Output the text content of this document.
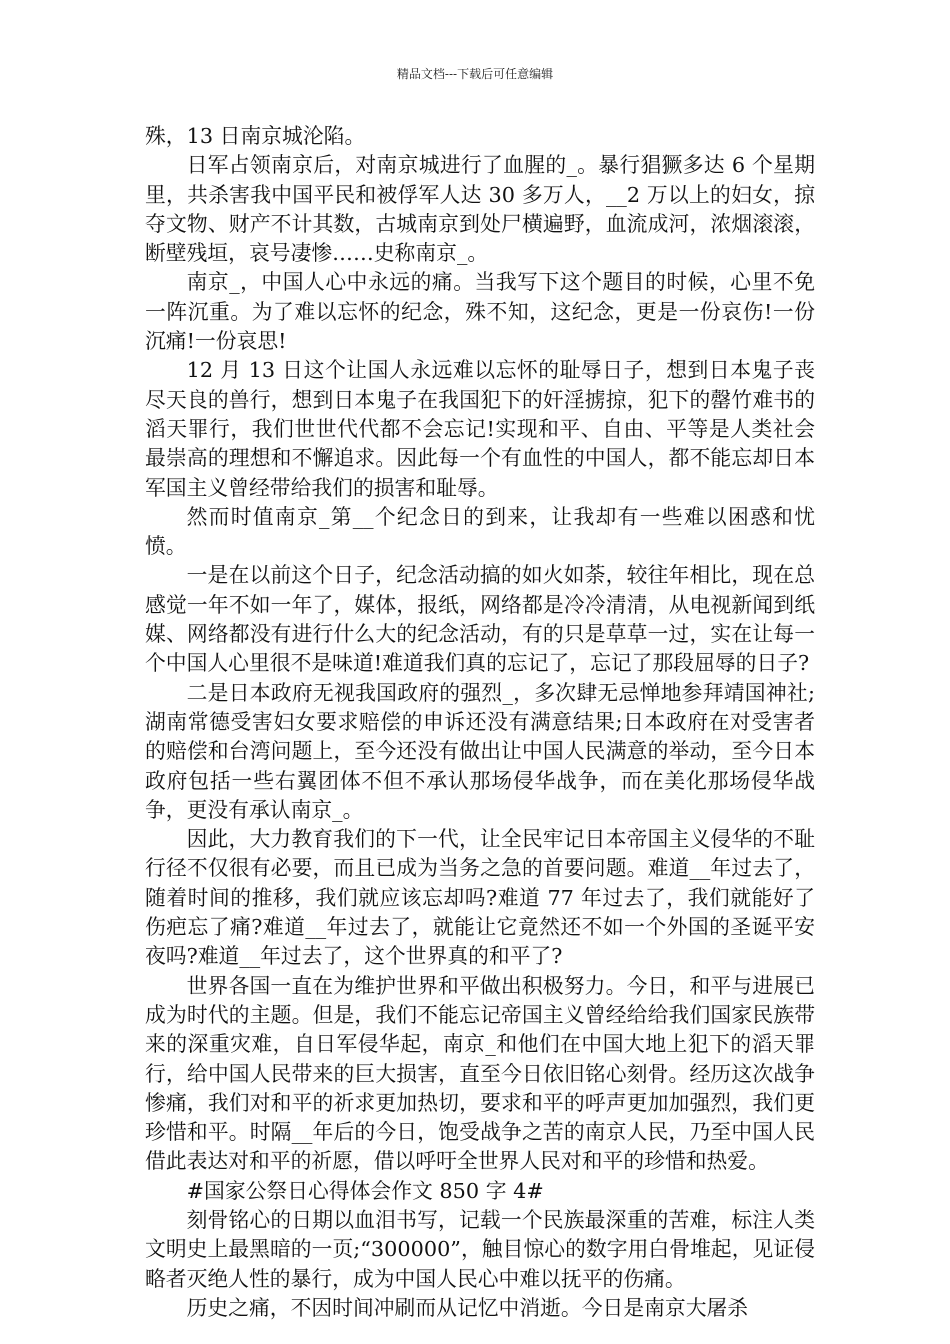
精品文档---下载后可任意编辑

殊，13 日南京城沦陷。

日军占领南京后，对南京城进行了血腥的_。暴行猖獗多达 6 个星期里，共杀害我中国平民和被俘军人达 30 多万人，__2 万以上的妇女，掠夺文物、财产不计其数，古城南京到处尸横遍野，血流成河，浓烟滚滚，断壁残垣，哀号凄惨……史称南京_。

南京_，中国人心中永远的痛。当我写下这个题目的时候，心里不免一阵沉重。为了难以忘怀的纪念，殊不知，这纪念，更是一份哀伤!一份沉痛!一份哀思!

12 月 13 日这个让国人永远难以忘怀的耻辱日子，想到日本鬼子丧尽天良的兽行，想到日本鬼子在我国犯下的奸淫掳掠，犯下的罄竹难书的滔天罪行，我们世世代代都不会忘记!实现和平、自由、平等是人类社会最崇高的理想和不懈追求。因此每一个有血性的中国人，都不能忘却日本军国主义曾经带给我们的损害和耻辱。

然而时值南京_第__个纪念日的到来，让我却有一些难以困惑和忧愤。

一是在以前这个日子，纪念活动搞的如火如荼，较往年相比，现在总感觉一年不如一年了，媒体，报纸，网络都是冷冷清清，从电视新闻到纸媒、网络都没有进行什么大的纪念活动，有的只是草草一过，实在让每一个中国人心里很不是味道!难道我们真的忘记了，忘记了那段屈辱的日子?

二是日本政府无视我国政府的强烈_，多次肆无忌惮地参拜靖国神社;湖南常德受害妇女要求赔偿的申诉还没有满意结果;日本政府在对受害者的赔偿和台湾问题上，至今还没有做出让中国人民满意的举动，至今日本政府包括一些右翼团体不但不承认那场侵华战争，而在美化那场侵华战争，更没有承认南京_。

因此，大力教育我们的下一代，让全民牢记日本帝国主义侵华的不耻行径不仅很有必要，而且已成为当务之急的首要问题。难道__年过去了，随着时间的推移，我们就应该忘却吗?难道 77 年过去了，我们就能好了伤疤忘了痛?难道__年过去了，就能让它竟然还不如一个外国的圣诞平安夜吗?难道__年过去了，这个世界真的和平了?

世界各国一直在为维护世界和平做出积极努力。今日，和平与进展已成为时代的主题。但是，我们不能忘记帝国主义曾经给给我们国家民族带来的深重灾难，自日军侵华起，南京_和他们在中国大地上犯下的滔天罪行，给中国人民带来的巨大损害，直至今日依旧铭心刻骨。经历这次战争惨痛，我们对和平的祈求更加热切，要求和平的呼声更加加强烈，我们更珍惜和平。时隔__年后的今日，饱受战争之苦的南京人民，乃至中国人民借此表达对和平的祈愿，借以呼吁全世界人民对和平的珍惜和热爱。

#国家公祭日心得体会作文 850 字 4#

刻骨铭心的日期以血泪书写，记载一个民族最深重的苦难，标注人类文明史上最黑暗的一页;“300000”，触目惊心的数字用白骨堆起，见证侵略者灭绝人性的暴行，成为中国人民心中难以抚平的伤痛。

历史之痛，不因时间冲刷而从记忆中消逝。今日是南京大屠杀
